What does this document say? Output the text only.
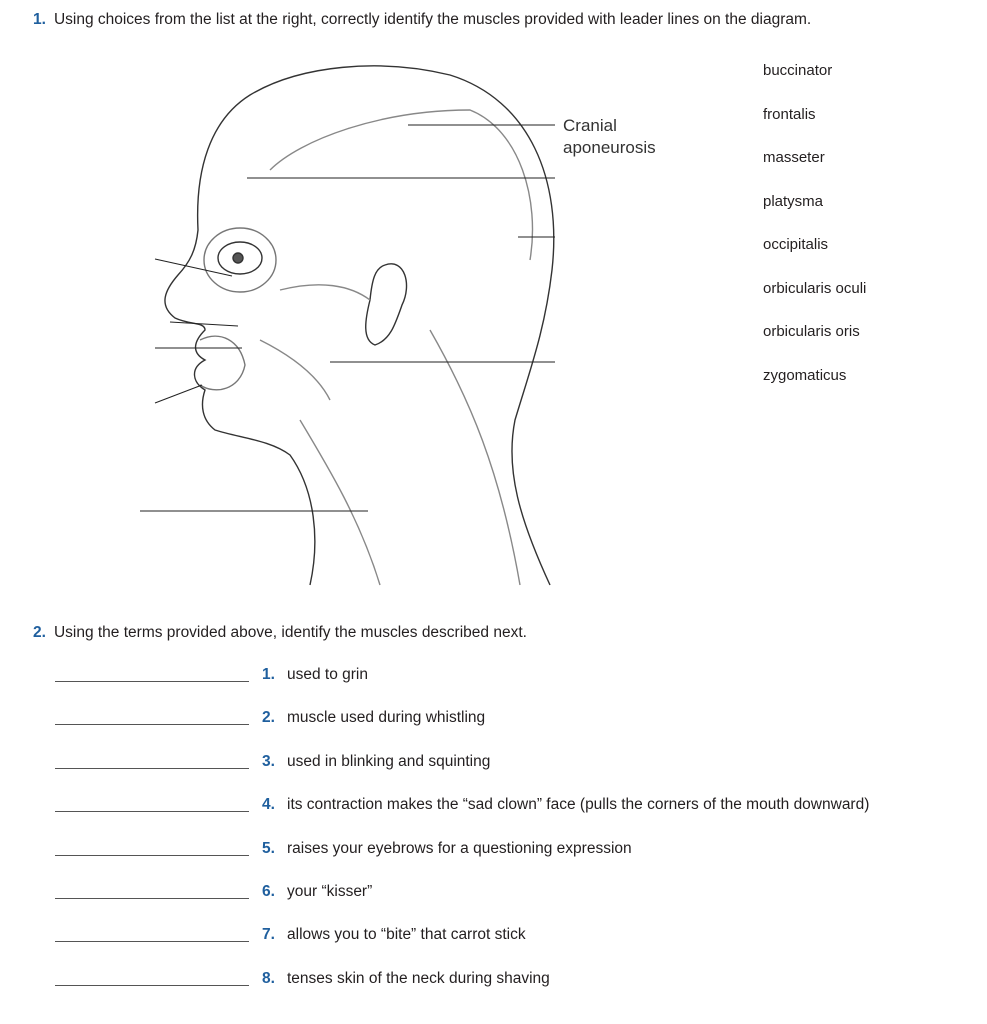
1. Using choices from the list at the right, correctly identify the muscles provided with leader lines on the diagram.
Cranial
aponeurosis
buccinator
frontalis
masseter
platysma
occipitalis
orbicularis oculi
orbicularis oris
zygomaticus
2. Using the terms provided above, identify the muscles described next.
1. used to grin
2. muscle used during whistling
3. used in blinking and squinting
4. its contraction makes the “sad clown” face (pulls the corners of the mouth downward)
5. raises your eyebrows for a questioning expression
6. your “kisser”
7. allows you to “bite” that carrot stick
8. tenses skin of the neck during shaving
